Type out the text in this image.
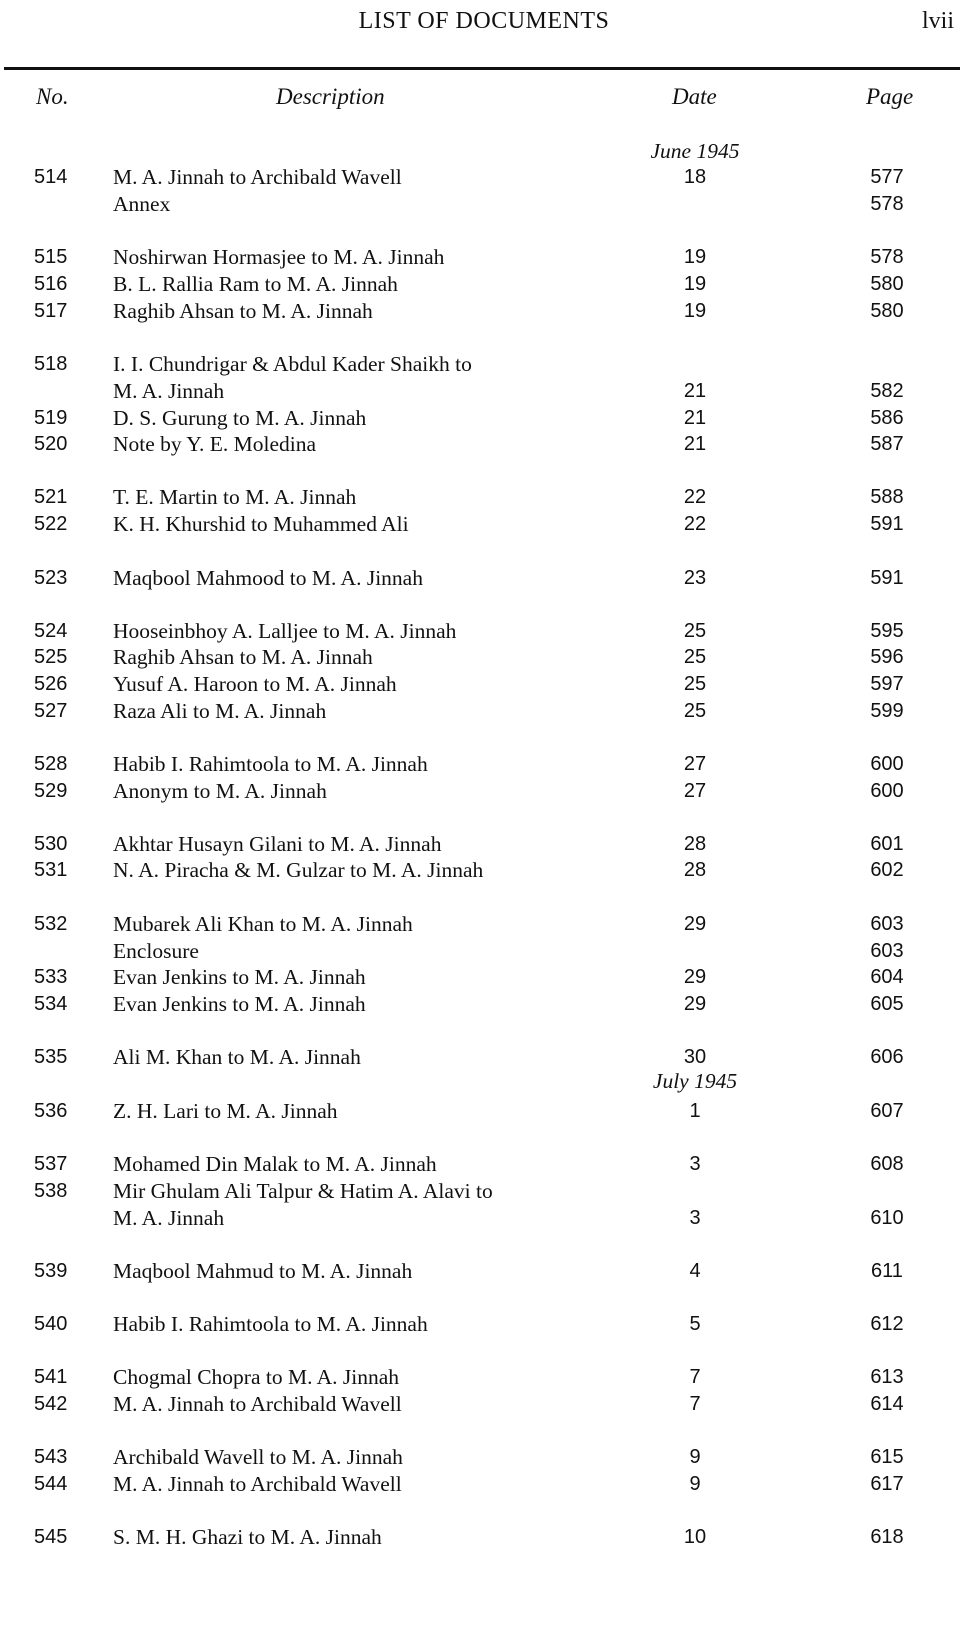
LIST OF DOCUMENTS	lvii
No.	Description	Date	Page
June 1945
July 1945
514 M. A. Jinnah to Archibald Wavell	18	577
Annex	578
515 Noshirwan Hormasjee to M. A. Jinnah	19	578
516 B. L. Rallia Ram to M. A. Jinnah	19	580
517 Raghib Ahsan to M. A. Jinnah	19	580
518 I. I. Chundrigar & Abdul Kader Shaikh to
M. A. Jinnah	21	582
519 D. S. Gurung to M. A. Jinnah	21	586
520 Note by Y. E. Moledina	21	587
521 T. E. Martin to M. A. Jinnah	22	588
522 K. H. Khurshid to Muhammed Ali	22	591
523 Maqbool Mahmood to M. A. Jinnah	23	591
524 Hooseinbhoy A. Lalljee to M. A. Jinnah	25	595
525 Raghib Ahsan to M. A. Jinnah	25	596
526 Yusuf A. Haroon to M. A. Jinnah	25	597
527 Raza Ali to M. A. Jinnah	25	599
528 Habib I. Rahimtoola to M. A. Jinnah	27	600
529 Anonym to M. A. Jinnah	27	600
530 Akhtar Husayn Gilani to M. A. Jinnah	28	601
531 N. A. Piracha & M. Gulzar to M. A. Jinnah	28	602
532 Mubarek Ali Khan to M. A. Jinnah	29	603
Enclosure	603
533 Evan Jenkins to M. A. Jinnah	29	604
534 Evan Jenkins to M. A. Jinnah	29	605
535 Ali M. Khan to M. A. Jinnah	30	606
536 Z. H. Lari to M. A. Jinnah	1	607
537 Mohamed Din Malak to M. A. Jinnah	3	608
538 Mir Ghulam Ali Talpur & Hatim A. Alavi to
M. A. Jinnah	3	610
539 Maqbool Mahmud to M. A. Jinnah	4	611
540 Habib I. Rahimtoola to M. A. Jinnah	5	612
541 Chogmal Chopra to M. A. Jinnah	7	613
542 M. A. Jinnah to Archibald Wavell	7	614
543 Archibald Wavell to M. A. Jinnah	9	615
544 M. A. Jinnah to Archibald Wavell	9	617
545 S. M. H. Ghazi to M. A. Jinnah	10	618
